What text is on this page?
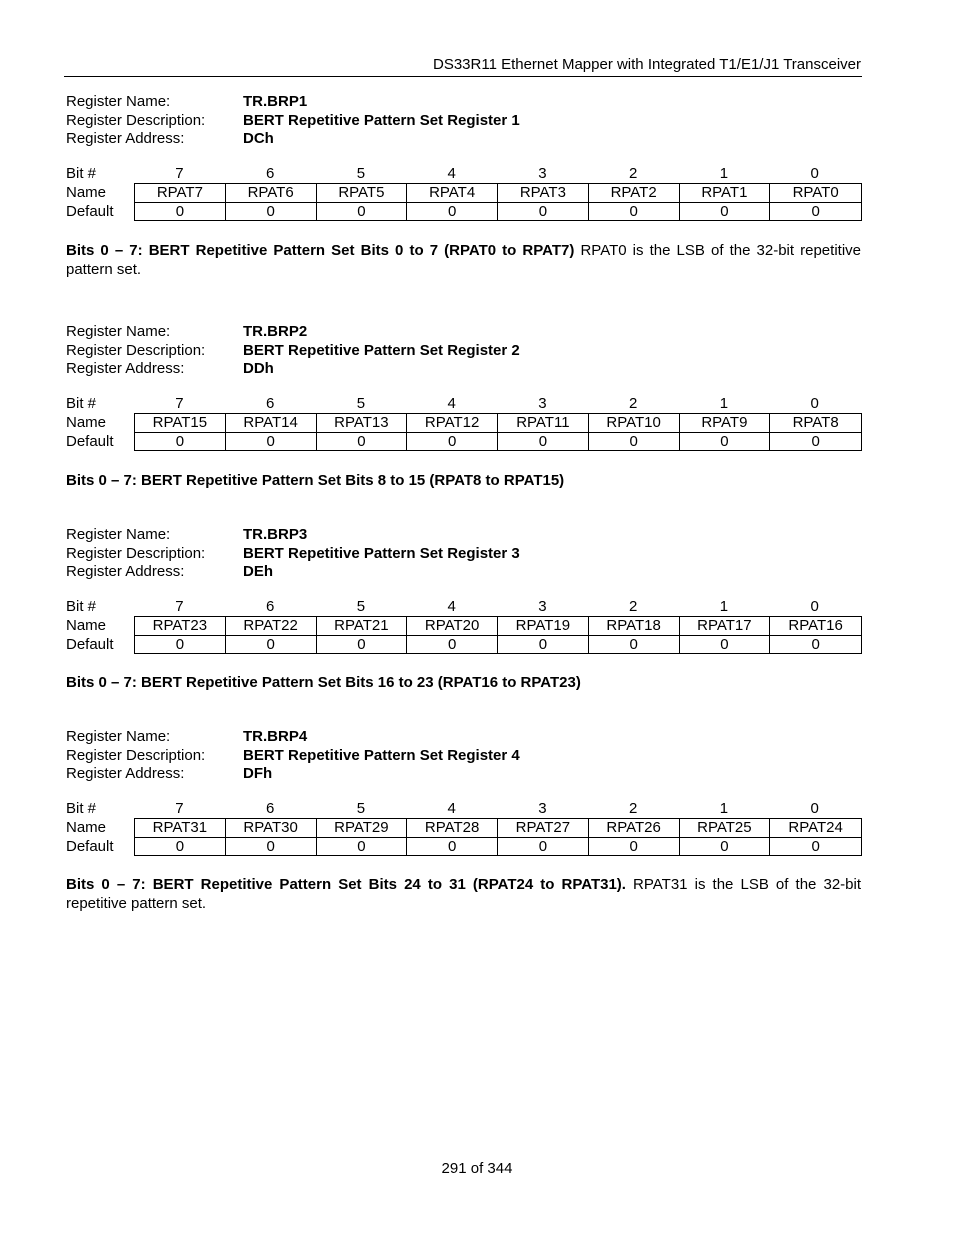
DS33R11 Ethernet Mapper with Integrated T1/E1/J1 Transceiver
Register Name:	TR.BRP1
Register Description:	BERT Repetitive Pattern Set Register 1
Register Address:	DCh
Bit #	7	6	5	4	3	2	1	0
Name	RPAT7	RPAT6	RPAT5	RPAT4	RPAT3	RPAT2	RPAT1	RPAT0
Default	0	0	0	0	0	0	0	0
Bits 0 – 7: BERT Repetitive Pattern Set Bits 0 to 7 (RPAT0 to RPAT7) RPAT0 is the LSB of the 32-bit repetitive pattern set.
Register Name:	TR.BRP2
Register Description:	BERT Repetitive Pattern Set Register 2
Register Address:	DDh
Bit #	7	6	5	4	3	2	1	0
Name	RPAT15	RPAT14	RPAT13	RPAT12	RPAT11	RPAT10	RPAT9	RPAT8
Default	0	0	0	0	0	0	0	0
Bits 0 – 7: BERT Repetitive Pattern Set Bits 8 to 15 (RPAT8 to RPAT15)
Register Name:	TR.BRP3
Register Description:	BERT Repetitive Pattern Set Register 3
Register Address:	DEh
Bit #	7	6	5	4	3	2	1	0
Name	RPAT23	RPAT22	RPAT21	RPAT20	RPAT19	RPAT18	RPAT17	RPAT16
Default	0	0	0	0	0	0	0	0
Bits 0 – 7: BERT Repetitive Pattern Set Bits 16 to 23 (RPAT16 to RPAT23)
Register Name:	TR.BRP4
Register Description:	BERT Repetitive Pattern Set Register 4
Register Address:	DFh
Bit #	7	6	5	4	3	2	1	0
Name	RPAT31	RPAT30	RPAT29	RPAT28	RPAT27	RPAT26	RPAT25	RPAT24
Default	0	0	0	0	0	0	0	0
Bits 0 – 7: BERT Repetitive Pattern Set Bits 24 to 31 (RPAT24 to RPAT31). RPAT31 is the LSB of the 32-bit repetitive pattern set.
291 of 344
